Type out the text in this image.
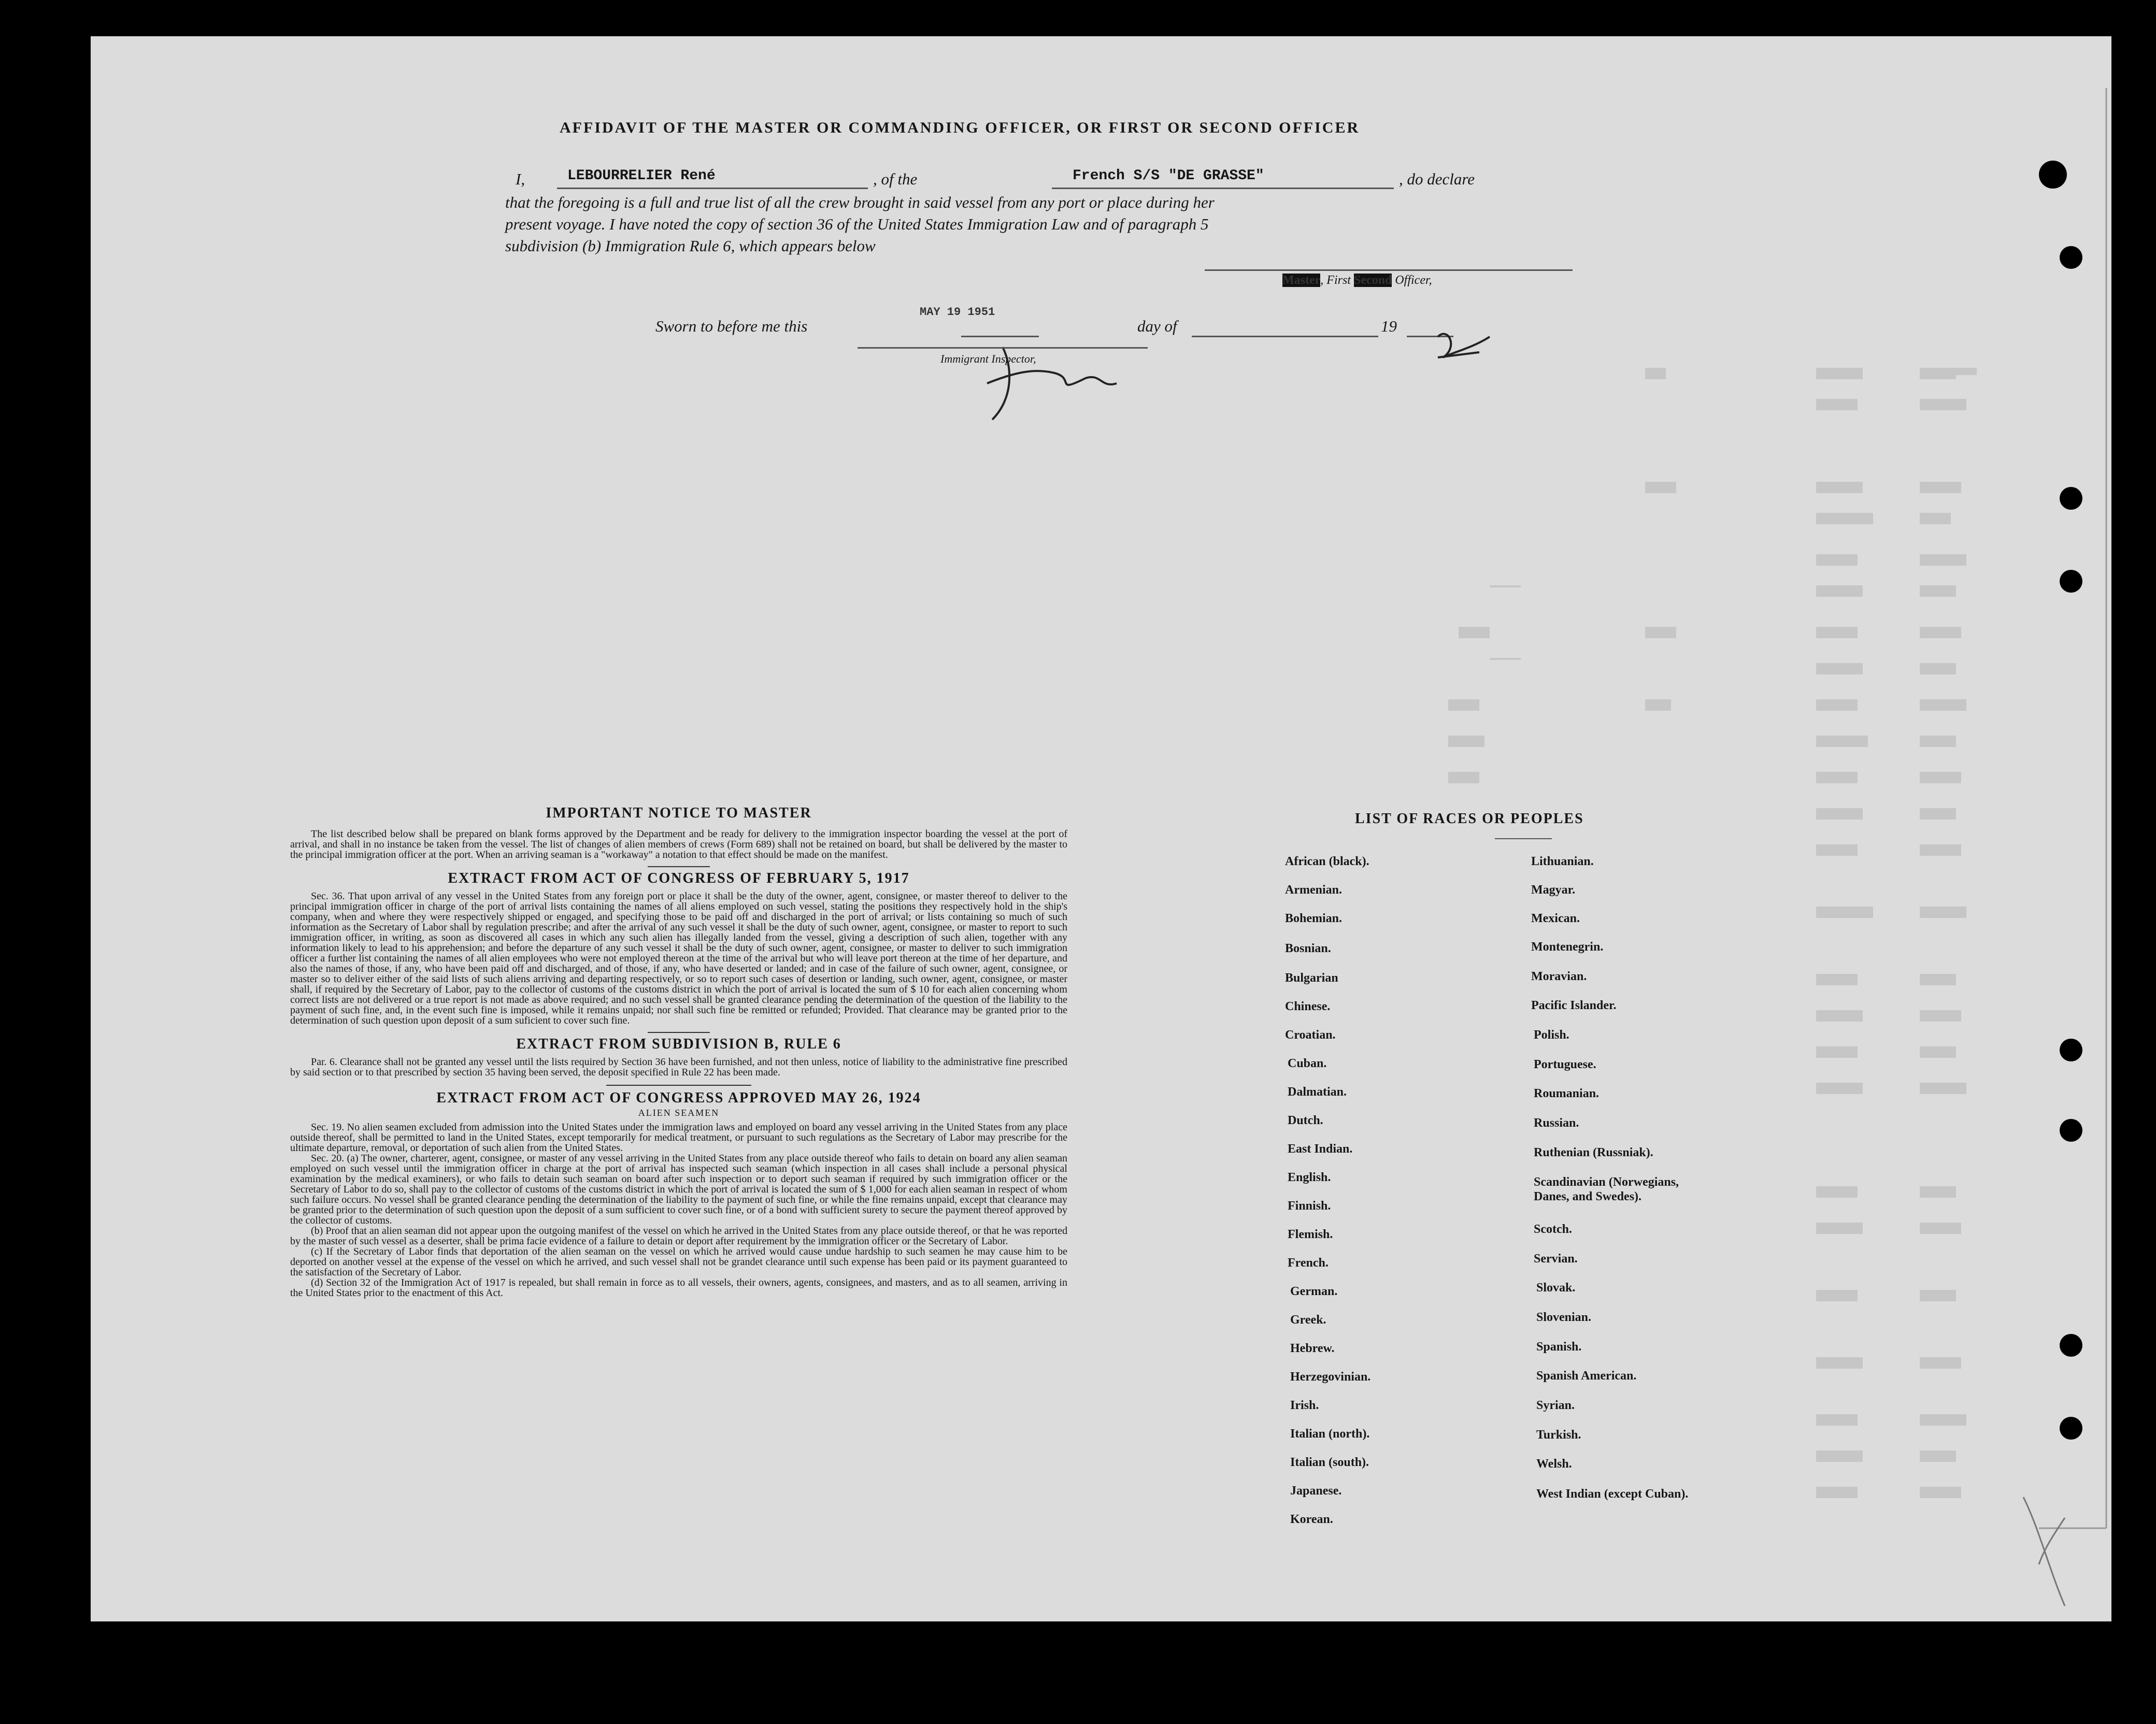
AFFIDAVIT OF THE MASTER OR COMMANDING OFFICER, OR FIRST OR SECOND OFFICER
I,	LEBOURRELIER René	, of the	French S/S "DE GRASSE"	, do declare
that the foregoing is a full and true list of all the crew brought in said vessel from any port or place during her
present voyage. I have noted the copy of section 36 of the United States Immigration Law and of paragraph 5
subdivision (b) Immigration Rule 6, which appears below
Master, First Second Officer,
Sworn to before me this
MAY 19 1951
day of	19
Immigrant Inspector,
IMPORTANT NOTICE TO MASTER

The list described below shall be prepared on blank forms approved by the Department and be ready for delivery to the immigration inspector boarding the vessel at the port of arrival, and shall in no instance be taken from the vessel. The list of changes of alien members of crews (Form 689) shall not be retained on board, but shall be delivered by the master to the principal immigration officer at the port. When an arriving seaman is a "workaway" a notation to that effect should be made on the manifest.

EXTRACT FROM ACT OF CONGRESS OF FEBRUARY 5, 1917

Sec. 36. That upon arrival of any vessel in the United States from any foreign port or place it shall be the duty of the owner, agent, consignee, or master thereof to deliver to the principal immigration officer in charge of the port of arrival lists containing the names of all aliens employed on such vessel, stating the positions they respectively hold in the ship's company, when and where they were respectively shipped or engaged, and specifying those to be paid off and discharged in the port of arrival; or lists containing so much of such information as the Secretary of Labor shall by regulation prescribe; and after the arrival of any such vessel it shall be the duty of such owner, agent, consignee, or master to report to such immigration officer, in writing, as soon as discovered all cases in which any such alien has illegally landed from the vessel, giving a description of such alien, together with any information likely to lead to his apprehension; and before the departure of any such vessel it shall be the duty of such owner, agent, consignee, or master to deliver to such immigration officer a further list containing the names of all alien employees who were not employed thereon at the time of the arrival but who will leave port thereon at the time of her departure, and also the names of those, if any, who have been paid off and discharged, and of those, if any, who have deserted or landed; and in case of the failure of such owner, agent, consignee, or master so to deliver either of the said lists of such aliens arriving and departing respectively, or so to report such cases of desertion or landing, such owner, agent, consignee, or master shall, if required by the Secretary of Labor, pay to the collector of customs of the customs district in which the port of arrival is located the sum of $ 10 for each alien concerning whom correct lists are not delivered or a true report is not made as above required; and no such vessel shall be granted clearance pending the determination of the question of the liability to the payment of such fine, and, in the event such fine is imposed, while it remains unpaid; nor shall such fine be remitted or refunded; Provided. That clearance may be granted prior to the determination of such question upon deposit of a sum suficient to cover such fine.

EXTRACT FROM SUBDIVISION B, RULE 6

Par. 6. Clearance shall not be granted any vessel until the lists required by Section 36 have been furnished, and not then unless, notice of liability to the administrative fine prescribed by said section or to that prescribed by section 35 having been served, the deposit specified in Rule 22 has been made.

EXTRACT FROM ACT OF CONGRESS APPROVED MAY 26, 1924
ALIEN SEAMEN

Sec. 19. No alien seamen excluded from admission into the United States under the immigration laws and employed on board any vessel arriving in the United States from any place outside thereof, shall be permitted to land in the United States, except temporarily for medical treatment, or pursuant to such regulations as the Secretary of Labor may prescribe for the ultimate departure, removal, or deportation of such alien from the United States.

Sec. 20. (a) The owner, charterer, agent, consignee, or master of any vessel arriving in the United States from any place outside thereof who fails to detain on board any alien seaman employed on such vessel until the immigration officer in charge at the port of arrival has inspected such seaman (which inspection in all cases shall include a personal physical examination by the medical examiners), or who fails to detain such seaman on board after such inspection or to deport such seaman if required by such immigration officer or the Secretary of Labor to do so, shall pay to the collector of customs of the customs district in which the port of arrival is located the sum of $ 1,000 for each alien seaman in respect of whom such failure occurs. No vessel shall be granted clearance pending the determination of the liability to the payment of such fine, or while the fine remains unpaid, except that clearance may be granted prior to the determination of such question upon the deposit of a sum sufficient to cover such fine, or of a bond with sufficient surety to secure the payment thereof approved by the collector of customs.

(b) Proof that an alien seaman did not appear upon the outgoing manifest of the vessel on which he arrived in the United States from any place outside thereof, or that he was reported by the master of such vessel as a deserter, shall be prima facie evidence of a failure to detain or deport after requirement by the immigration officer or the Secretary of Labor.

(c) If the Secretary of Labor finds that deportation of the alien seaman on the vessel on which he arrived would cause undue hardship to such seamen he may cause him to be deported on another vessel at the expense of the vessel on which he arrived, and such vessel shall not be grandet clearance until such expense has been paid or its payment guaranteed to the satisfaction of the Secretary of Labor.

(d) Section 32 of the Immigration Act of 1917 is repealed, but shall remain in force as to all vessels, their owners, agents, consignees, and masters, and as to all seamen, arriving in the United States prior to the enactment of this Act.

LIST OF RACES OR PEOPLES
African (black).
Armenian.
Bohemian.
Bosnian.
Bulgarian
Chinese.
Croatian.
Cuban.
Dalmatian.
Dutch.
East Indian.
English.
Finnish.
Flemish.
French.
German.
Greek.
Hebrew.
Herzegovinian.
Irish.
Italian (north).
Italian (south).
Japanese.
Korean.
Lithuanian.
Magyar.
Mexican.
Montenegrin.
Moravian.
Pacific Islander.
Polish.
Portuguese.
Roumanian.
Russian.
Ruthenian (Russniak).
Scandinavian (Norwegians, Danes, and Swedes).
Scotch.
Servian.
Slovak.
Slovenian.
Spanish.
Spanish American.
Syrian.
Turkish.
Welsh.
West Indian (except Cuban).
